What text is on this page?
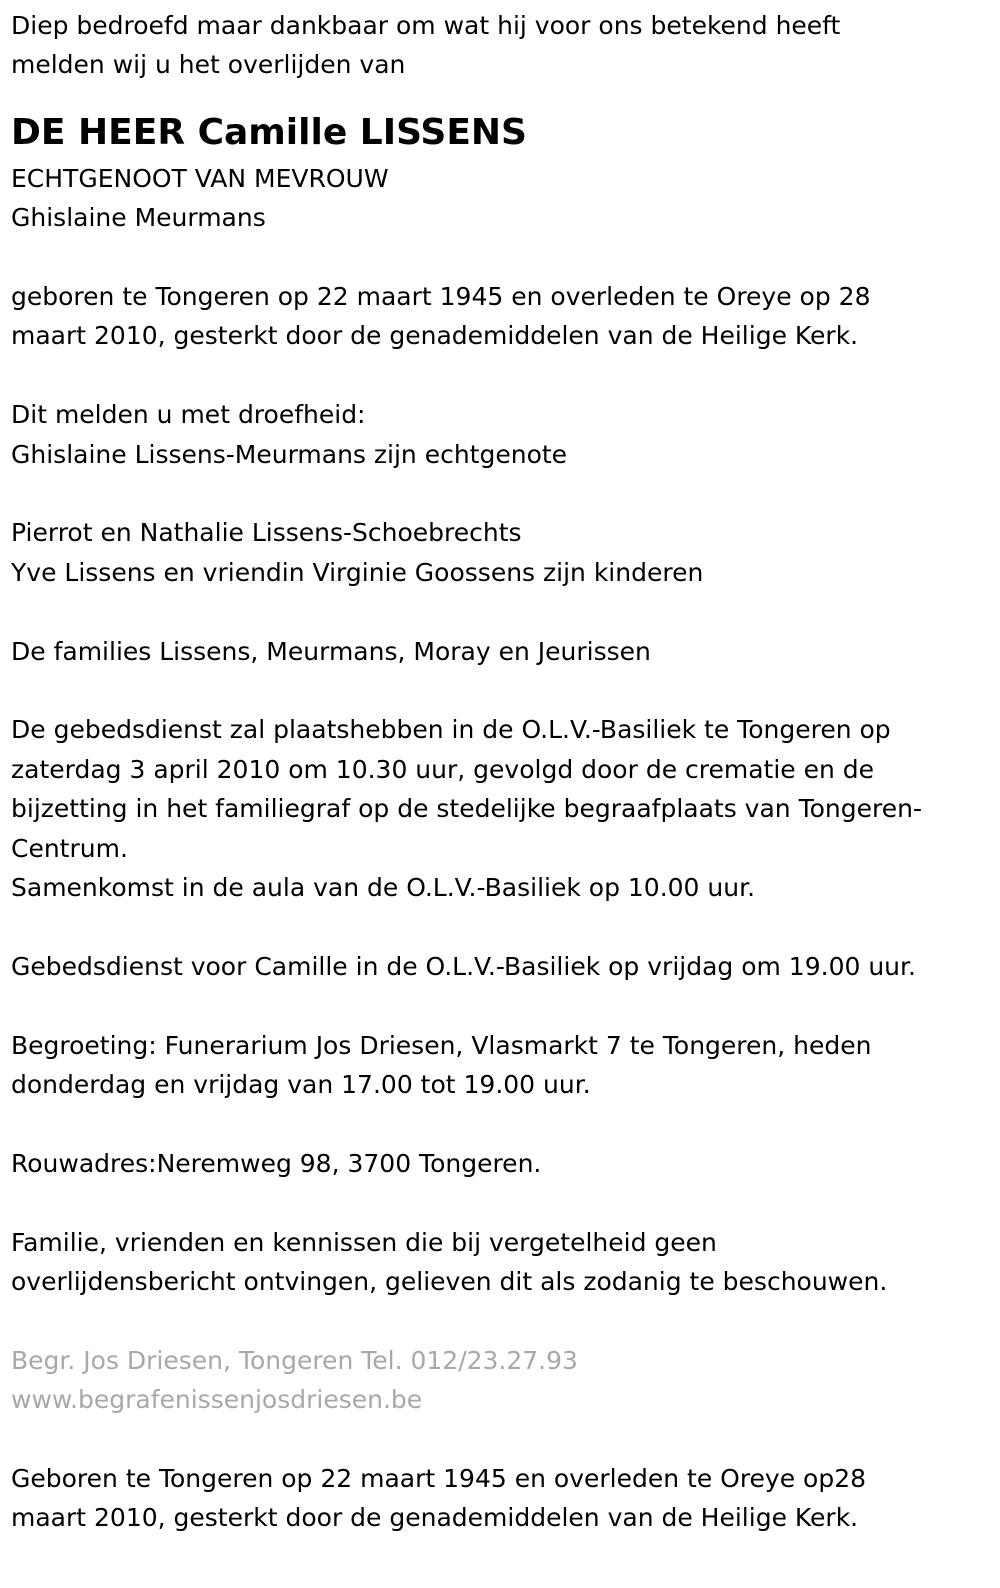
Diep bedroefd maar dankbaar om wat hij voor ons betekend heeft

melden wij u het overlijden van

DE HEER Camille LISSENS

ECHTGENOOT VAN MEVROUW

Ghislaine Meurmans

geboren te Tongeren op 22 maart 1945 en overleden te Oreye op 28

maart 2010, gesterkt door de genademiddelen van de Heilige Kerk.

Dit melden u met droefheid:

Ghislaine Lissens-Meurmans zijn echtgenote

Pierrot en Nathalie Lissens-Schoebrechts

Yve Lissens en vriendin Virginie Goossens zijn kinderen

De families Lissens, Meurmans, Moray en Jeurissen

De gebedsdienst zal plaatshebben in de O.L.V.-Basiliek te Tongeren op

zaterdag 3 april 2010 om 10.30 uur, gevolgd door de crematie en de

bijzetting in het familiegraf op de stedelijke begraafplaats van Tongeren-

Centrum.

Samenkomst in de aula van de O.L.V.-Basiliek op 10.00 uur.

Gebedsdienst voor Camille in de O.L.V.-Basiliek op vrijdag om 19.00 uur.

Begroeting: Funerarium Jos Driesen, Vlasmarkt 7 te Tongeren, heden

donderdag en vrijdag van 17.00 tot 19.00 uur.

Rouwadres:Neremweg 98, 3700 Tongeren.

Familie, vrienden en kennissen die bij vergetelheid geen

overlijdensbericht ontvingen, gelieven dit als zodanig te beschouwen.

Begr. Jos Driesen, Tongeren Tel. 012/23.27.93

www.begrafenissenjosdriesen.be

Geboren te Tongeren op 22 maart 1945 en overleden te Oreye op28

maart 2010, gesterkt door de genademiddelen van de Heilige Kerk.
